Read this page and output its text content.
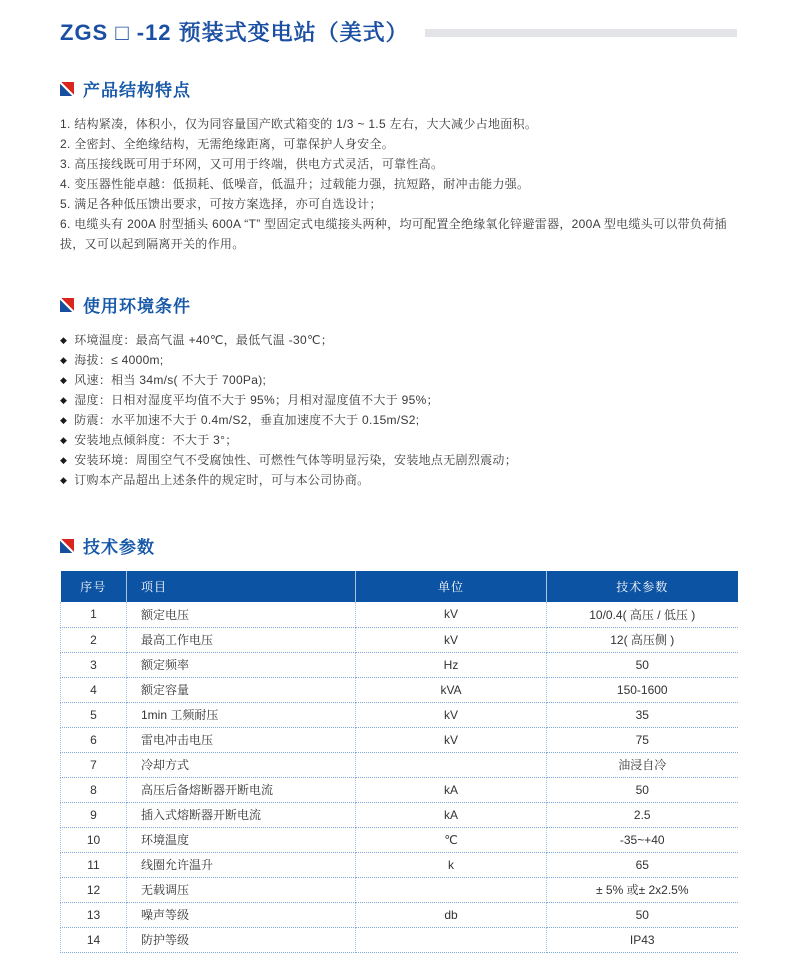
ZGS □ -12 预装式变电站（美式）
产品结构特点
1. 结构紧凑，体积小，仅为同容量国产欧式箱变的 1/3 ~ 1.5 左右，大大减少占地面积。
2. 全密封、全绝缘结构，无需绝缘距离，可靠保护人身安全。
3. 高压接线既可用于环网，又可用于终端，供电方式灵活，可靠性高。
4. 变压器性能卓越：低损耗、低噪音，低温升；过载能力强，抗短路，耐冲击能力强。
5. 满足各种低压馈出要求，可按方案选择，亦可自选设计；
6. 电缆头有 200A 肘型插头 600A “T” 型固定式电缆接头两种，均可配置全绝缘氧化锌避雷器，200A 型电缆头可以带负荷插拔，又可以起到隔离开关的作用。
使用环境条件
◆ 环境温度：最高气温 +40℃，最低气温 -30℃；
◆ 海拔：≤ 4000m;
◆ 风速：相当 34m/s( 不大于 700Pa);
◆ 湿度：日相对湿度平均值不大于 95%；月相对湿度值不大于 95%；
◆ 防震：水平加速不大于 0.4m/S2，垂直加速度不大于 0.15m/S2;
◆ 安装地点倾斜度：不大于 3°；
◆ 安装环境：周围空气不受腐蚀性、可燃性气体等明显污染，安装地点无剧烈震动；
◆ 订购本产品超出上述条件的规定时，可与本公司协商。
技术参数
序号	项目	单位	技术参数
1	额定电压	kV	10/0.4( 高压 / 低压 )
2	最高工作电压	kV	12( 高压侧 )
3	额定频率	Hz	50
4	额定容量	kVA	150-1600
5	1min 工频耐压	kV	35
6	雷电冲击电压	kV	75
7	冷却方式		油浸自冷
8	高压后备熔断器开断电流	kA	50
9	插入式熔断器开断电流	kA	2.5
10	环境温度	℃	-35~+40
11	线圈允许温升	k	65
12	无载调压		± 5% 或± 2x2.5%
13	噪声等级	db	50
14	防护等级		IP43
